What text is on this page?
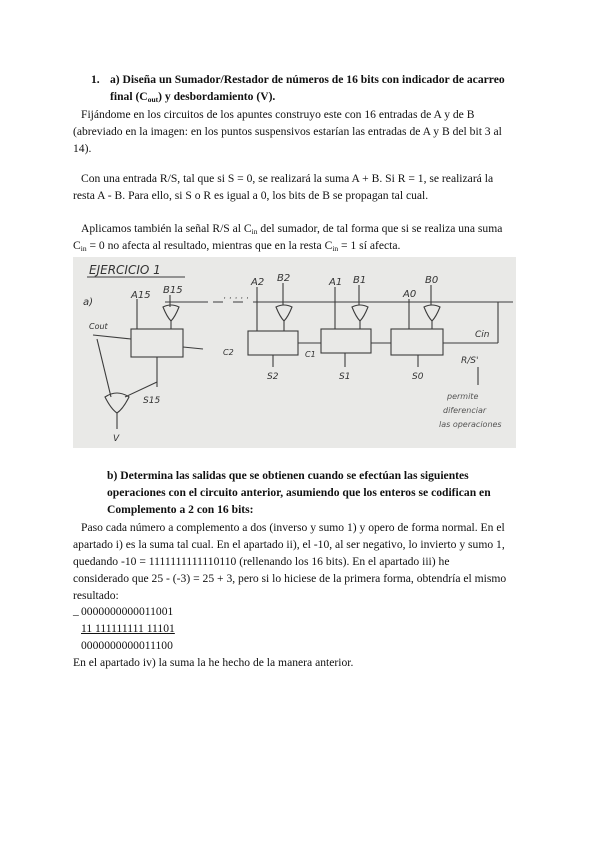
1. a) Diseña un Sumador/Restador de números de 16 bits con indicador de acarreo
final $(C_{out})$ y desbordamiento (V).
Fijándome en los circuitos de los apuntes construyo este con 16 entradas de A y de B
(abreviado en la imagen: en los puntos suspensivos estarían las entradas de A y B del bit 3 al
14).
Con una entrada R/S, tal que si S = 0, se realizará la suma A + B. Si R = 1, se realizará la
resta A - B. Para ello, si S o R es igual a 0, los bits de B se propagan tal cual.
Aplicamos también la señal R/S al $C_{in}$ del sumador, de tal forma que si se realiza una suma
$C_{in} = 0$ no afecta al resultado, mientras que en la resta $C_{in} = 1$ sí afecta.
EJERCICIO 1
a)	· · · · ·
A15 B15
Cout
S15
V
A2 B2
C2
S2
A1 B1
C1
S1
A0
B0
S0
Cin
R/S'
permite
diferenciar
las operaciones
b) Determina las salidas que se obtienen cuando se efectúan las siguientes
operaciones con el circuito anterior, asumiendo que los enteros se codifican en
Complemento a 2 con 16 bits:
Paso cada número a complemento a dos (inverso y sumo 1) y opero de forma normal. En el
apartado i) es la suma tal cual. En el apartado ii), el -10, al ser negativo, lo invierto y sumo 1,
quedando -10 = 1111111111110110 (rellenando los 16 bits). En el apartado iii) he
considerado que 25 - (-3) = 25 + 3, pero si lo hiciese de la primera forma, obtendría el mismo
resultado:
_ 0000000000011001
11 111111111 11101
0000000000011100
En el apartado iv) la suma la he hecho de la manera anterior.
